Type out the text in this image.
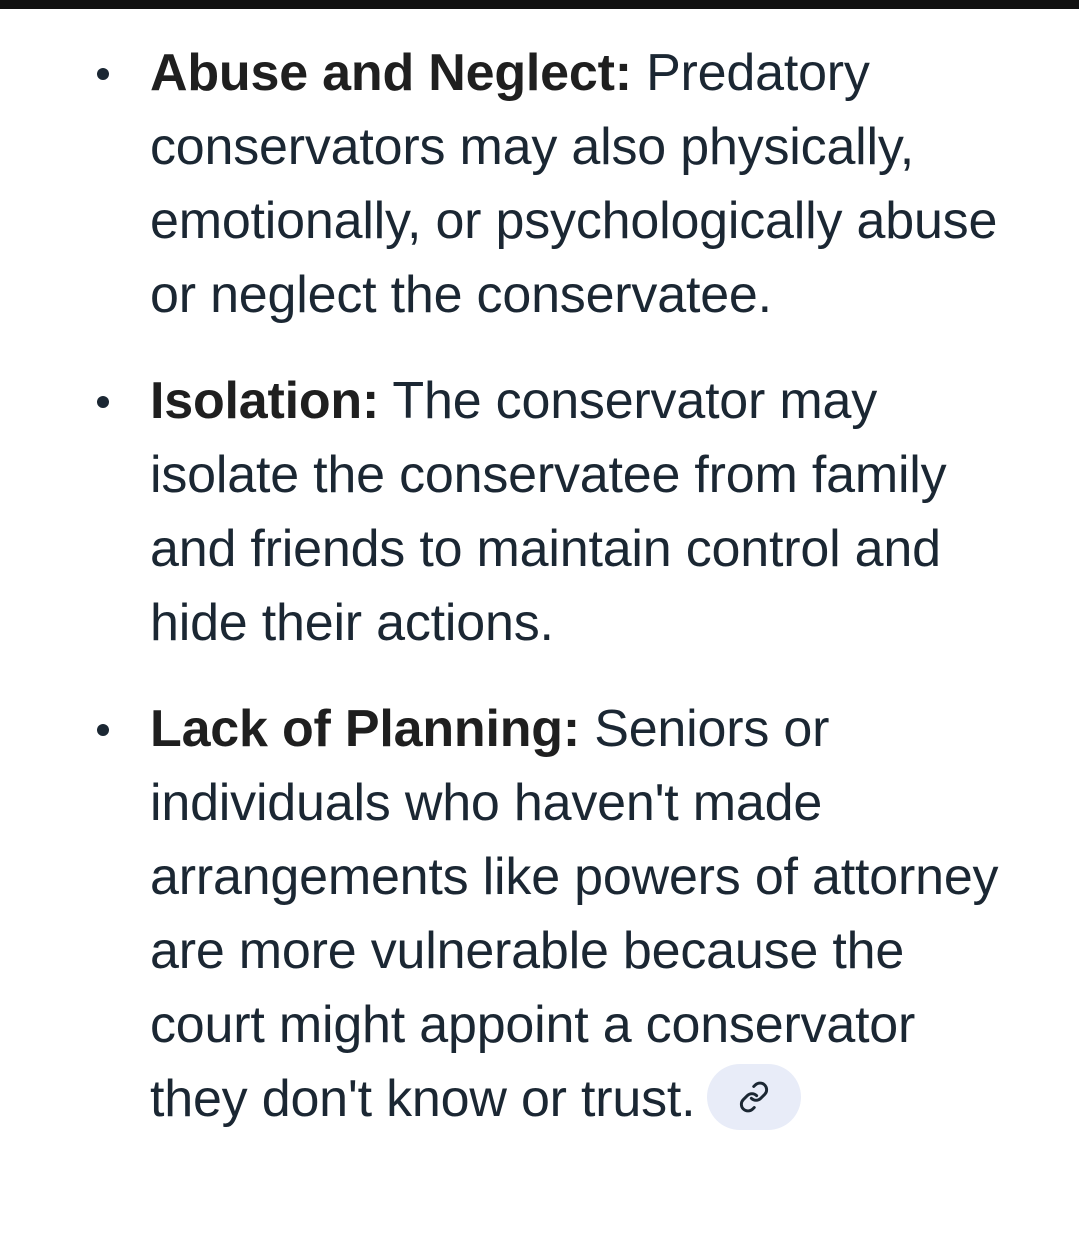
Abuse and Neglect: Predatory conservators may also physically, emotionally, or psychologically abuse or neglect the conservatee.
Isolation: The conservator may isolate the conservatee from family and friends to maintain control and hide their actions.
Lack of Planning: Seniors or individuals who haven't made arrangements like powers of attorney are more vulnerable because the court might appoint a conservator they don't know or trust.
